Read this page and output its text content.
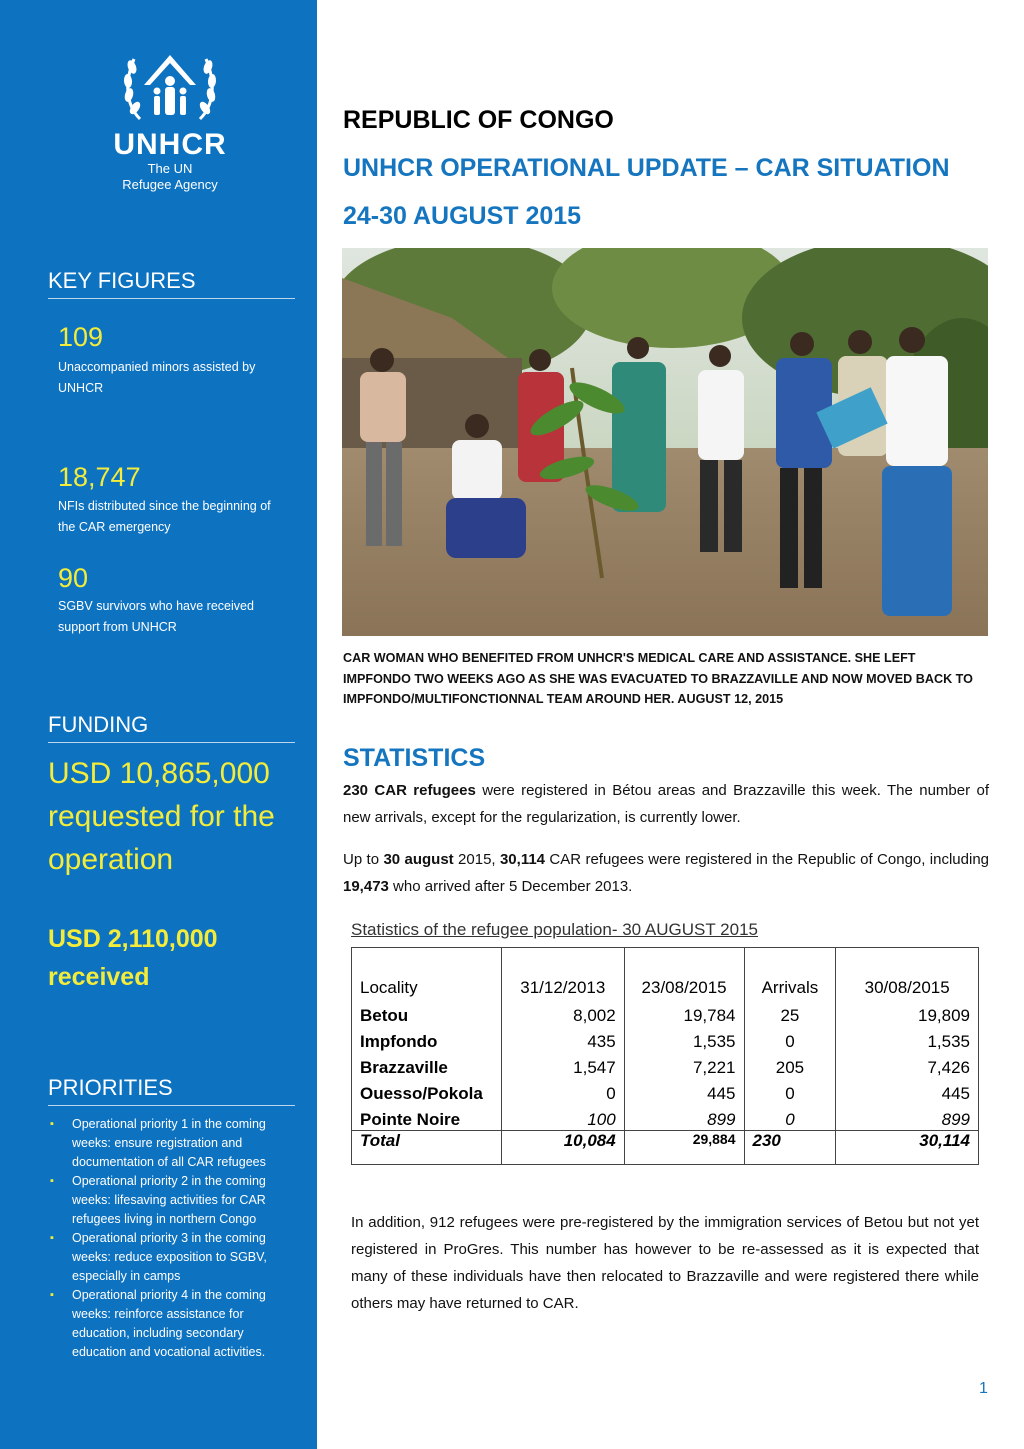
UNHCR
The UN
Refugee Agency
KEY FIGURES
109
Unaccompanied minors assisted by UNHCR
18,747
NFIs distributed since the beginning of the CAR emergency
90
SGBV survivors who have received support from UNHCR
FUNDING
USD 10,865,000 requested for the operation
USD 2,110,000 received
PRIORITIES
▪ Operational priority 1 in the coming weeks: ensure registration and documentation of all CAR refugees
▪ Operational priority 2 in the coming weeks: lifesaving activities for CAR refugees living in northern Congo
▪ Operational priority 3 in the coming weeks: reduce exposition to SGBV, especially in camps
▪ Operational priority 4 in the coming weeks: reinforce assistance for education, including secondary education and vocational activities.
REPUBLIC OF CONGO
UNHCR OPERATIONAL UPDATE – CAR SITUATION
24-30 AUGUST 2015
CAR WOMAN WHO BENEFITED FROM UNHCR'S MEDICAL CARE AND ASSISTANCE. SHE LEFT IMPFONDO TWO WEEKS AGO AS SHE WAS EVACUATED TO BRAZZAVILLE AND NOW MOVED BACK TO IMPFONDO/MULTIFONCTIONNAL TEAM AROUND HER. AUGUST 12, 2015
STATISTICS
230 CAR refugees were registered in Bétou areas and Brazzaville this week. The number of new arrivals, except for the regularization, is currently lower.
Up to 30 august 2015, 30,114 CAR refugees were registered in the Republic of Congo, including 19,473 who arrived after 5 December 2013.
Statistics of the refugee population- 30 AUGUST 2015
Locality	31/12/2013	23/08/2015	Arrivals	30/08/2015
Betou	8,002	19,784	25	19,809
Impfondo	435	1,535	0	1,535
Brazzaville	1,547	7,221	205	7,426
Ouesso/Pokola	0	445	0	445
Pointe Noire	100	899	0	899
Total	10,084	29,884	230	30,114
In addition, 912 refugees were pre-registered by the immigration services of Betou but not yet registered in ProGres. This number has however to be re-assessed as it is expected that many of these individuals have then relocated to Brazzaville and were registered there while others may have returned to CAR.
1
